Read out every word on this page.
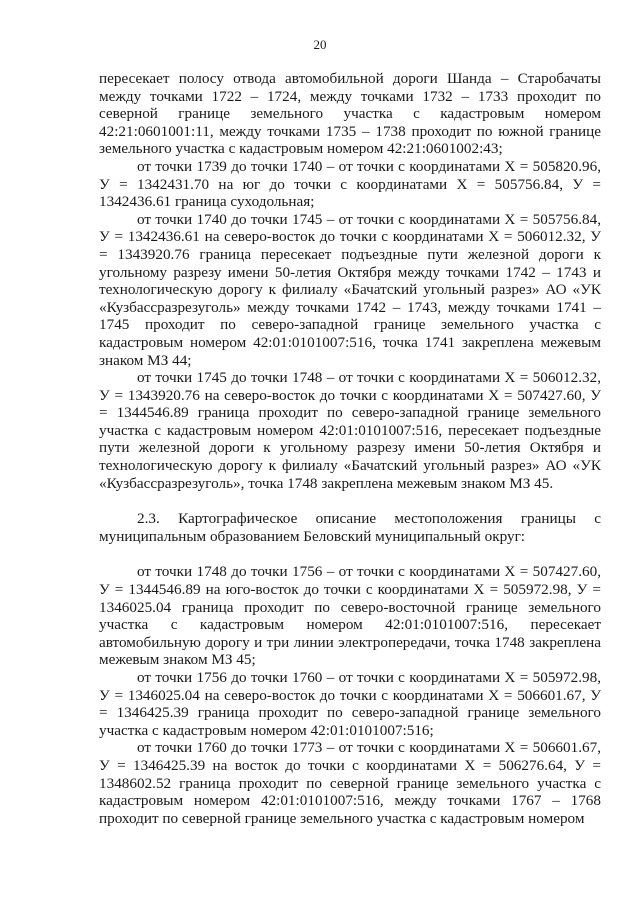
20

пересекает полосу отвода автомобильной дороги Шанда – Старобачаты между точками 1722 – 1724, между точками 1732 – 1733 проходит по северной границе земельного участка с кадастровым номером 42:21:0601001:11, между точками 1735 – 1738 проходит по южной границе земельного участка с кадастровым номером 42:21:0601002:43;

от точки 1739 до точки 1740 – от точки с координатами Х = 505820.96, У = 1342431.70 на юг до точки с координатами Х = 505756.84, У = 1342436.61 граница суходольная;

от точки 1740 до точки 1745 – от точки с координатами Х = 505756.84, У = 1342436.61 на северо-восток до точки с координатами Х = 506012.32, У = 1343920.76 граница пересекает подъездные пути железной дороги к угольному разрезу имени 50-летия Октября между точками 1742 – 1743 и технологическую дорогу к филиалу «Бачатский угольный разрез» АО «УК «Кузбассразрезуголь» между точками 1742 – 1743, между точками 1741 – 1745 проходит по северо-западной границе земельного участка с кадастровым номером 42:01:0101007:516, точка 1741 закреплена межевым знаком МЗ 44;

от точки 1745 до точки 1748 – от точки с координатами Х = 506012.32, У = 1343920.76 на северо-восток до точки с координатами Х = 507427.60, У = 1344546.89 граница проходит по северо-западной границе земельного участка с кадастровым номером 42:01:0101007:516, пересекает подъездные пути железной дороги к угольному разрезу имени 50-летия Октября и технологическую дорогу к филиалу «Бачатский угольный разрез» АО «УК «Кузбассразрезуголь», точка 1748 закреплена межевым знаком МЗ 45.

2.3. Картографическое описание местоположения границы с муниципальным образованием Беловский муниципальный округ:

от точки 1748 до точки 1756 – от точки с координатами Х = 507427.60, У = 1344546.89 на юго-восток до точки с координатами Х = 505972.98, У = 1346025.04 граница проходит по северо-восточной границе земельного участка с кадастровым номером 42:01:0101007:516, пересекает автомобильную дорогу и три линии электропередачи, точка 1748 закреплена межевым знаком МЗ 45;

от точки 1756 до точки 1760 – от точки с координатами Х = 505972.98, У = 1346025.04 на северо-восток до точки с координатами Х = 506601.67, У = 1346425.39 граница проходит по северо-западной границе земельного участка с кадастровым номером 42:01:0101007:516;

от точки 1760 до точки 1773 – от точки с координатами Х = 506601.67, У = 1346425.39 на восток до точки с координатами Х = 506276.64, У = 1348602.52 граница проходит по северной границе земельного участка с кадастровым номером 42:01:0101007:516, между точками 1767 – 1768 проходит по северной границе земельного участка с кадастровым номером
